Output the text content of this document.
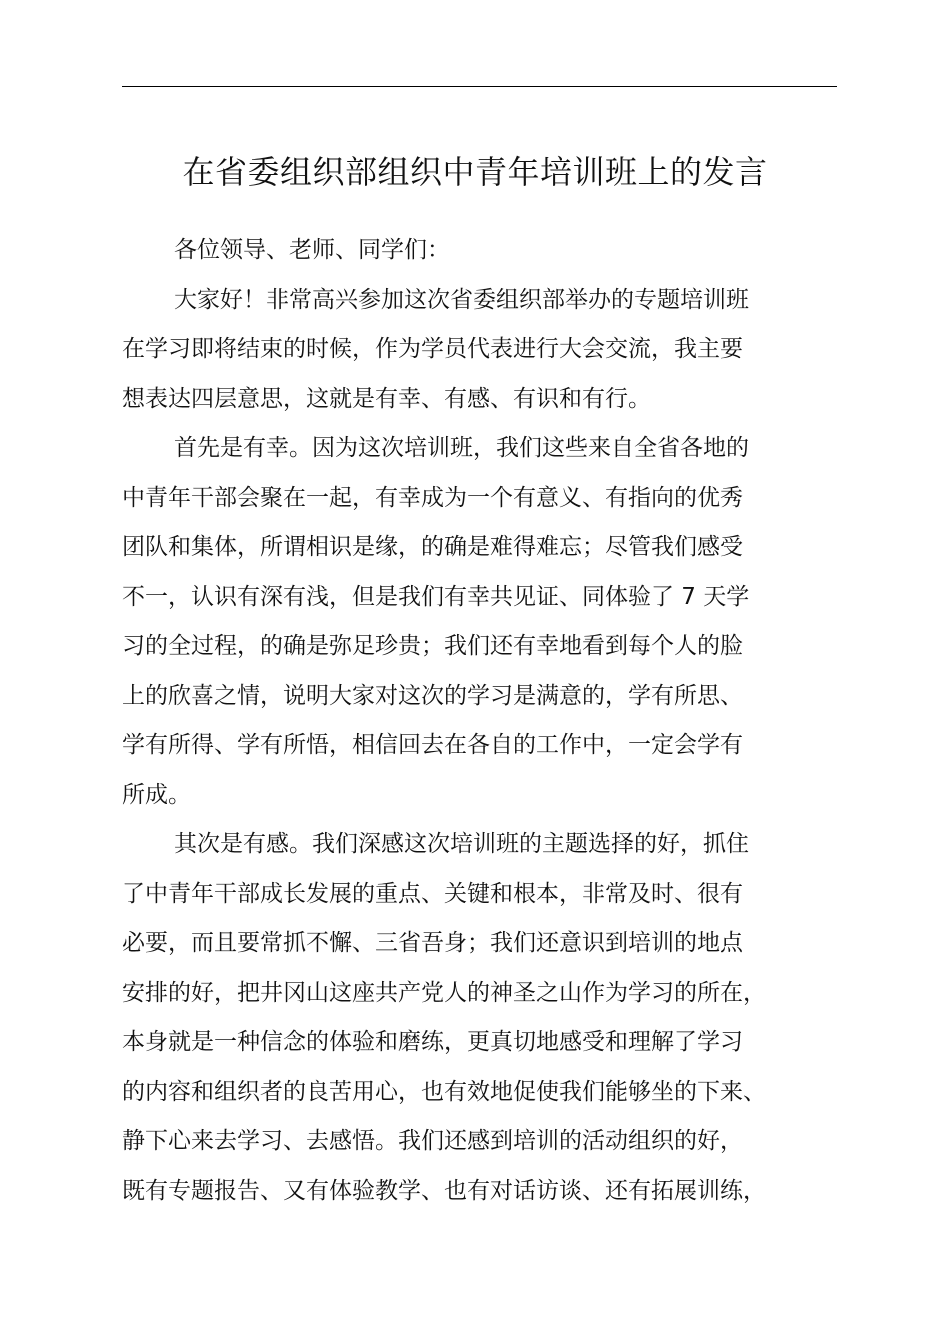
在省委组织部组织中青年培训班上的发言
各位领导、老师、同学们：
大家好！非常高兴参加这次省委组织部举办的专题培训班
在学习即将结束的时候，作为学员代表进行大会交流，我主要
想表达四层意思，这就是有幸、有感、有识和有行。
首先是有幸。因为这次培训班，我们这些来自全省各地的
中青年干部会聚在一起，有幸成为一个有意义、有指向的优秀
团队和集体，所谓相识是缘，的确是难得难忘；尽管我们感受
不一，认识有深有浅，但是我们有幸共见证、同体验了 7 天学
习的全过程，的确是弥足珍贵；我们还有幸地看到每个人的脸
上的欣喜之情，说明大家对这次的学习是满意的，学有所思、
学有所得、学有所悟，相信回去在各自的工作中，一定会学有
所成。
其次是有感。我们深感这次培训班的主题选择的好，抓住
了中青年干部成长发展的重点、关键和根本，非常及时、很有
必要，而且要常抓不懈、三省吾身；我们还意识到培训的地点
安排的好，把井冈山这座共产党人的神圣之山作为学习的所在，
本身就是一种信念的体验和磨练，更真切地感受和理解了学习
的内容和组织者的良苦用心，也有效地促使我们能够坐的下来、
静下心来去学习、去感悟。我们还感到培训的活动组织的好，
既有专题报告、又有体验教学、也有对话访谈、还有拓展训练，
